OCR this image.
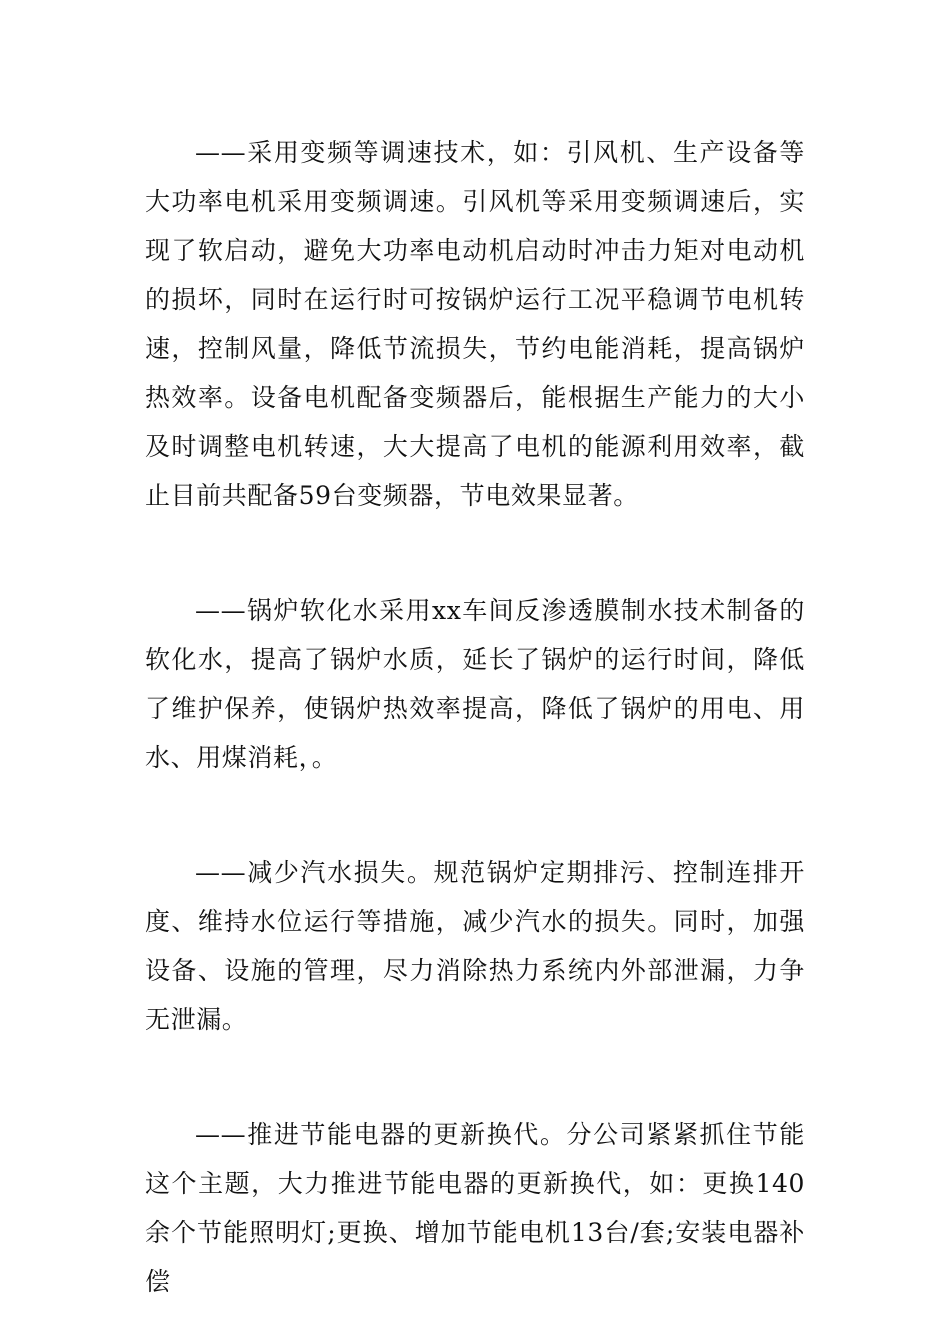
——采用变频等调速技术，如：引风机、生产设备等大功率电机采用变频调速。引风机等采用变频调速后，实现了软启动，避免大功率电动机启动时冲击力矩对电动机的损坏，同时在运行时可按锅炉运行工况平稳调节电机转速，控制风量，降低节流损失，节约电能消耗，提高锅炉热效率。设备电机配备变频器后，能根据生产能力的大小及时调整电机转速，大大提高了电机的能源利用效率，截止目前共配备59台变频器，节电效果显著。

——锅炉软化水采用xx车间反渗透膜制水技术制备的软化水，提高了锅炉水质，延长了锅炉的运行时间，降低了维护保养，使锅炉热效率提高，降低了锅炉的用电、用水、用煤消耗，。

——减少汽水损失。规范锅炉定期排污、控制连排开度、维持水位运行等措施，减少汽水的损失。同时，加强设备、设施的管理，尽力消除热力系统内外部泄漏，力争无泄漏。

——推进节能电器的更新换代。分公司紧紧抓住节能这个主题，大力推进节能电器的更新换代，如：更换140余个节能照明灯;更换、增加节能电机13台/套;安装电器补偿
